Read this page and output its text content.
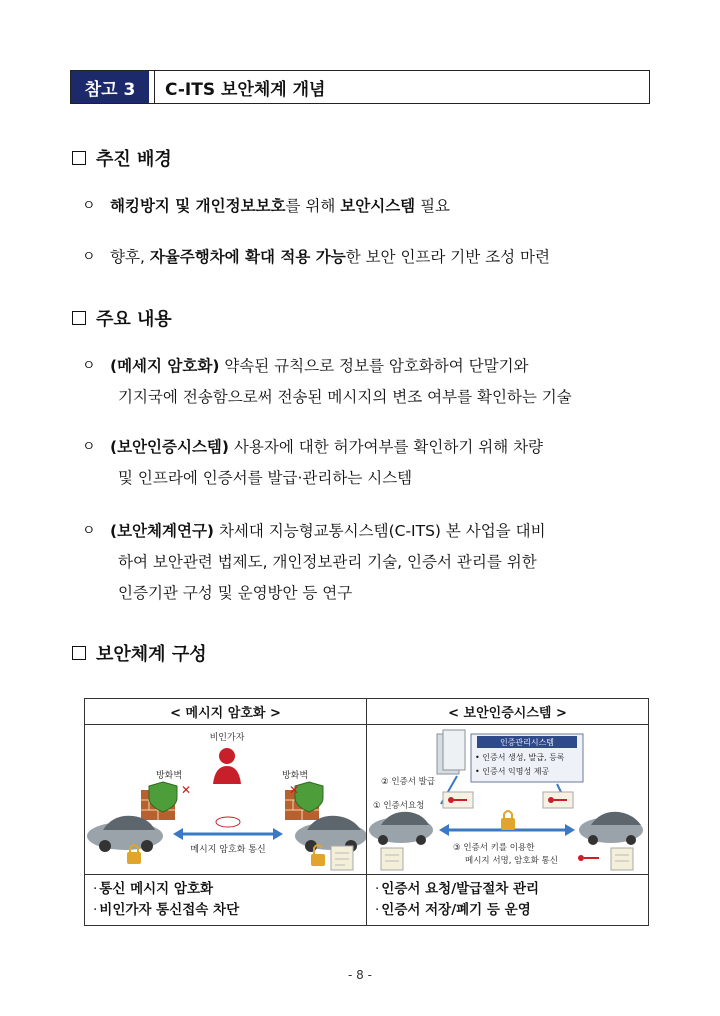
참고 3	C-ITS 보안체계 개념
추진 배경
ㅇ 해킹방지 및 개인정보보호를 위해 보안시스템 필요
ㅇ 향후, 자율주행차에 확대 적용 가능한 보안 인프라 기반 조성 마련
주요 내용
ㅇ (메세지 암호화) 약속된 규칙으로 정보를 암호화하여 단말기와
기지국에 전송함으로써 전송된 메시지의 변조 여부를 확인하는 기술
ㅇ (보안인증시스템) 사용자에 대한 허가여부를 확인하기 위해 차량
및 인프라에 인증서를 발급·관리하는 시스템
ㅇ (보안체계연구) 차세대 지능형교통시스템(C-ITS) 본 사업을 대비
하여 보안관련 법제도, 개인정보관리 기술, 인증서 관리를 위한
인증기관 구성 및 운영방안 등 연구
보안체계 구성
< 메시지 암호화 >	< 보안인증시스템 >
비인가자
방화벽
✕
방화벽
✕
메시지 암호화 통신
인증관리시스템
• 인증서 생성, 발급, 등록
• 인증서 익명성 제공
② 인증서 발급
① 인증서요청
③ 인증서 키를 이용한
메시지 서명, 암호화 통신
· 통신 메시지 암호화
· 비인가자 통신접속 차단
· 인증서 요청/발급절차 관리
· 인증서 저장/폐기 등 운영
- 8 -
